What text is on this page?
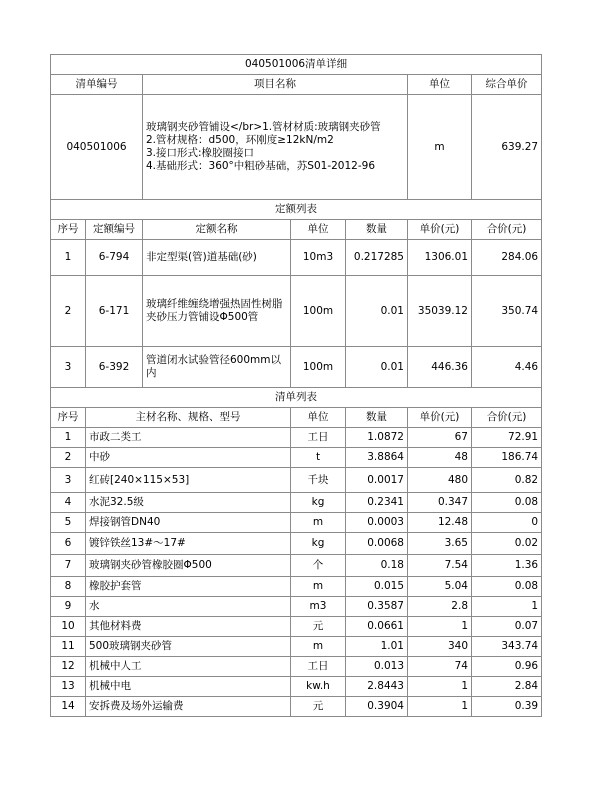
040501006清单详细						
清单编号		项目名称			单位	综合单价
040501006		玻璃钢夹砂管铺设</br>1.管材材质:玻璃钢夹砂管
2.管材规格：d500，环刚度≥12kN/m2
3.接口形式:橡胶圈接口
4.基础形式：360°中粗砂基础，苏S01-2012-96			m	639.27
定额列表						
序号	定额编号	定额名称	单位	数量	单价(元)	合价(元)
1	6-794	非定型渠(管)道基础(砂)	10m3	0.217285	1306.01	284.06
2	6-171	玻璃纤维缠绕增强热固性树脂夹砂压力管铺设Φ500管	100m	0.01	35039.12	350.74
3	6-392	管道闭水试验管径600mm以内	100m	0.01	446.36	4.46
清单列表						
序号	主材名称、规格、型号		单位	数量	单价(元)	合价(元)
1	市政二类工		工日	1.0872	67	72.91
2	中砂		t	3.8864	48	186.74
3	红砖[240×115×53]		千块	0.0017	480	0.82
4	水泥32.5级		kg	0.2341	0.347	0.08
5	焊接钢管DN40		m	0.0003	12.48	0
6	镀锌铁丝13#～17#		kg	0.0068	3.65	0.02
7	玻璃钢夹砂管橡胶圈Φ500		个	0.18	7.54	1.36
8	橡胶护套管		m	0.015	5.04	0.08
9	水		m3	0.3587	2.8	1
10	其他材料费		元	0.0661	1	0.07
11	500玻璃钢夹砂管		m	1.01	340	343.74
12	机械中人工		工日	0.013	74	0.96
13	机械中电		kw.h	2.8443	1	2.84
14	安拆费及场外运输费		元	0.3904	1	0.39
